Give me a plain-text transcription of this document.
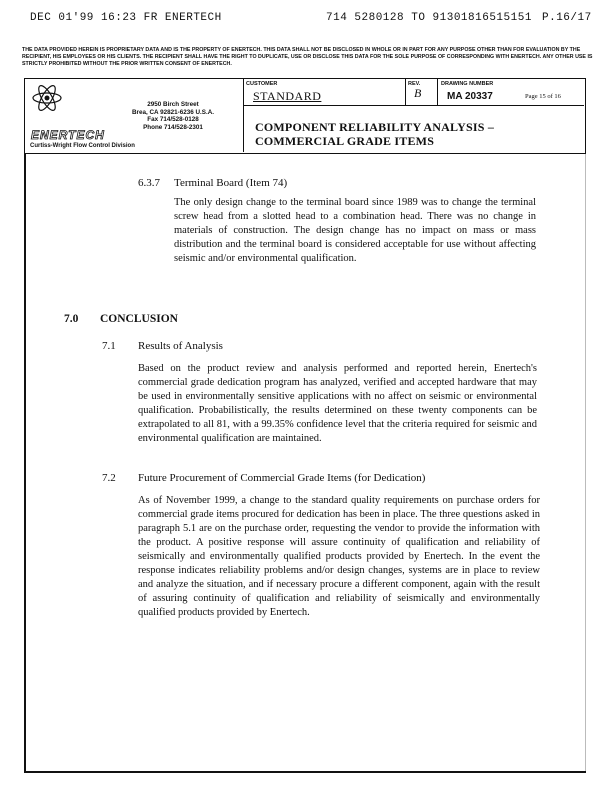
DEC 01'99 16:23 FR ENERTECH	714 5280128 TO 91301816515151 P.16/17
THE DATA PROVIDED HEREIN IS PROPRIETARY DATA AND IS THE PROPERTY OF ENERTECH. THIS DATA SHALL NOT BE DISCLOSED IN WHOLE OR IN PART FOR ANY PURPOSE OTHER THAN FOR EVALUATION BY THE RECIPIENT, HIS EMPLOYEES OR HIS CLIENTS. THE RECIPIENT SHALL HAVE THE RIGHT TO DUPLICATE, USE OR DISCLOSE THIS DATA FOR THE SOLE PURPOSE OF CORRESPONDING WITH ENERTECH. ANY OTHER USE IS STRICTLY PROHIBITED WITHOUT THE PRIOR WRITTEN CONSENT OF ENERTECH.
2950 Birch Street
Brea, CA 92821-6236 U.S.A.
Fax 714/528-0128
Phone 714/528-2301
ENERTECH
Curtiss-Wright Flow Control Division
CUSTOMER
STANDARD
REV.
B
DRAWING NUMBER
MA 20337	Page 15 of 16
COMPONENT RELIABILITY ANALYSIS –
COMMERCIAL GRADE ITEMS
6.3.7 Terminal Board (Item 74)

The only design change to the terminal board since 1989 was to change the terminal screw head from a slotted head to a combination head. There was no change in materials of construction. The design change has no impact on mass or mass distribution and the terminal board is considered acceptable for use without affecting seismic and/or environmental qualification.

7.0 CONCLUSION
7.1 Results of Analysis

Based on the product review and analysis performed and reported herein, Enertech's commercial grade dedication program has analyzed, verified and accepted hardware that may be used in environmentally sensitive applications with no affect on seismic or environmental qualification. Probabilistically, the results determined on these twenty components can be extrapolated to all 81, with a 99.35% confidence level that the criteria required for seismic and environmental qualification are maintained.

7.2 Future Procurement of Commercial Grade Items (for Dedication)

As of November 1999, a change to the standard quality requirements on purchase orders for commercial grade items procured for dedication has been in place. The three questions asked in paragraph 5.1 are on the purchase order, requesting the vendor to provide the information with the product. A positive response will assure continuity of qualification and reliability of seismically and environmentally qualified products provided by Enertech. In the event the response indicates reliability problems and/or design changes, systems are in place to review and analyze the situation, and if necessary procure a different component, again with the result of assuring continuity of qualification and reliability of seismically and environmentally qualified products provided by Enertech.
